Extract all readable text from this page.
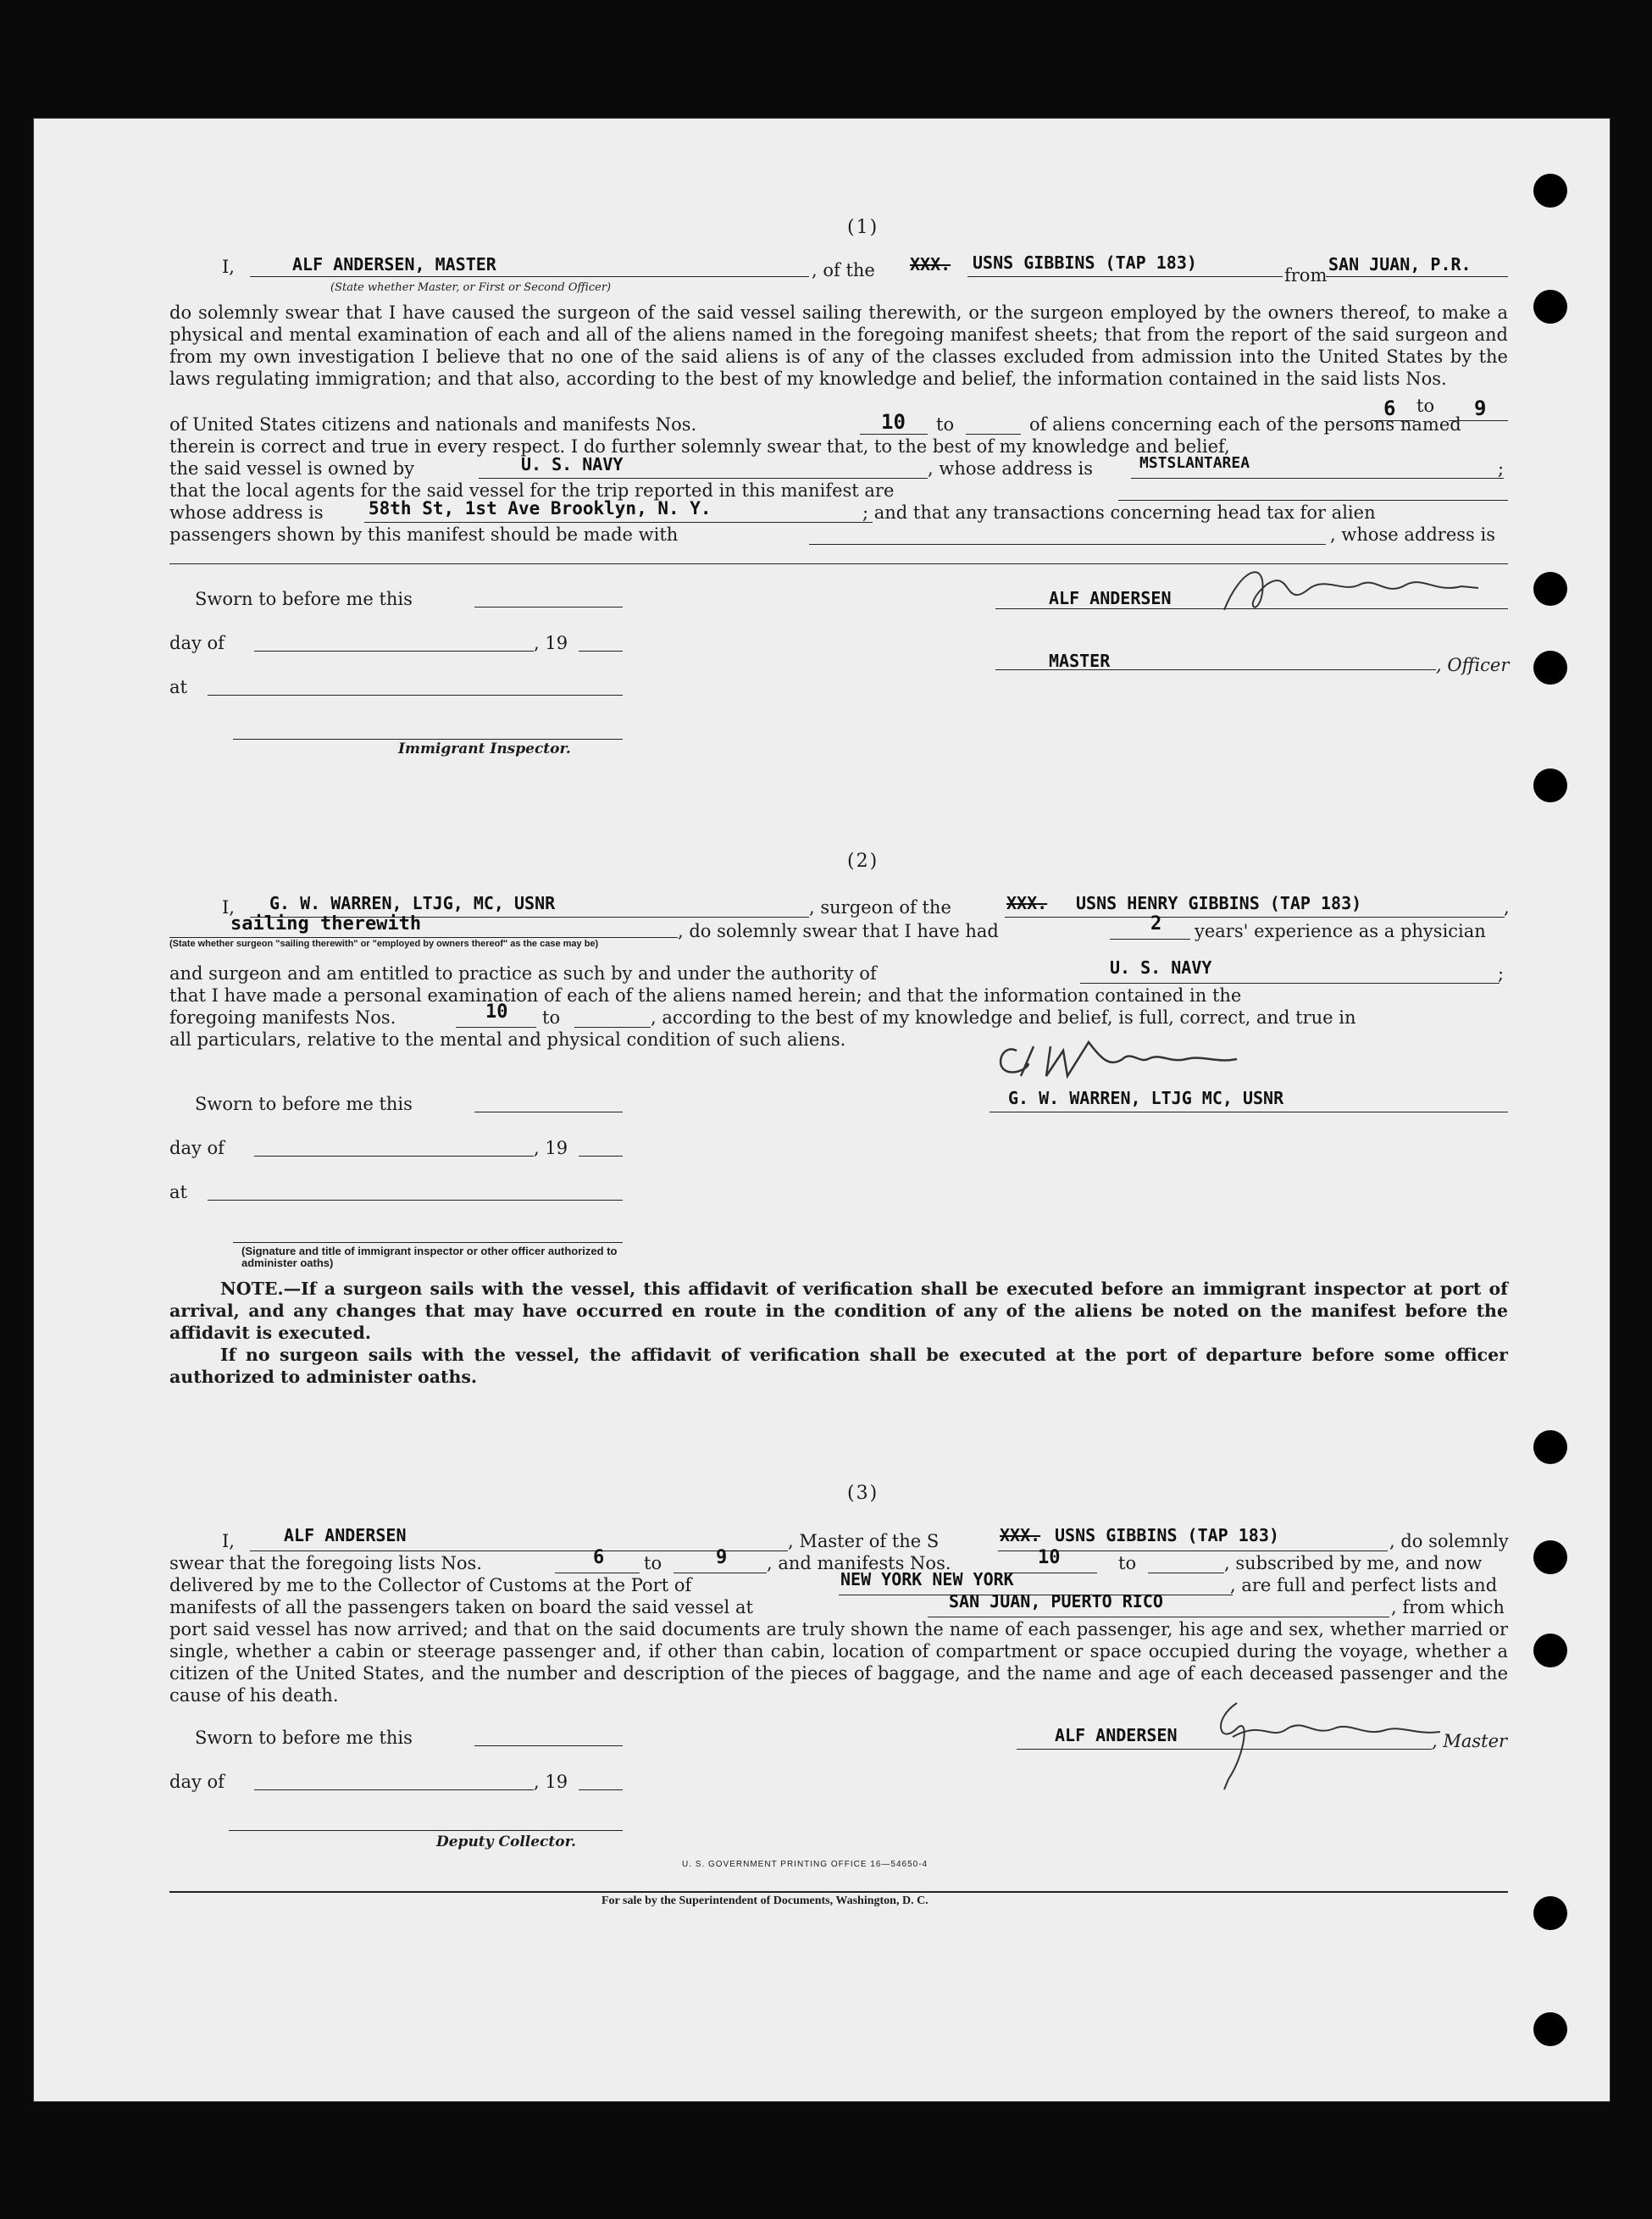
(1)
I,	ALF ANDERSEN, MASTER	, of the XXX. USNS GIBBINS (TAP 183)
from
SAN JUAN, P.R.
(State whether Master, or First or Second Officer)
do solemnly swear that I have caused the surgeon of the said vessel sailing therewith, or the surgeon employed by the owners thereof, to make a physical and mental examination of each and all of the aliens named in the foregoing manifest sheets; that from the report of the said surgeon and from my own investigation I believe that no one of the said aliens is of any of the classes excluded from admission into the United States by the laws regulating immigration; and that also, according to the best of my knowledge and belief, the information contained in the said lists Nos.
6 to 9
of United States citizens and nationals and manifests Nos.	10 to	of aliens concerning each of the persons named
therein is correct and true in every respect. I do further solemnly swear that, to the best of my knowledge and belief,
the said vessel is owned by	U. S. NAVY	, whose address is	MSTSLANTAREA	;
that the local agents for the said vessel for the trip reported in this manifest are
whose address is	58th St, 1st Ave Brooklyn, N. Y.	; and that any transactions concerning head tax for alien
passengers shown by this manifest should be made with	, whose address is
Sworn to before me this
day of	, 19
at
Immigrant Inspector.
ALF ANDERSEN
MASTER	, Officer
(2)
I, G. W. WARREN, LTJG, MC, USNR	, surgeon of the	XXX. USNS HENRY GIBBINS (TAP 183)	,
sailing therewith	, do solemnly swear that I have had	2 years' experience as a physician
(State whether surgeon "sailing therewith" or "employed by owners thereof" as the case may be)
and surgeon and am entitled to practice as such by and under the authority of	U. S. NAVY	;
that I have made a personal examination of each of the aliens named herein; and that the information contained in the
foregoing manifests Nos.	10 to	, according to the best of my knowledge and belief, is full, correct, and true in
all particulars, relative to the mental and physical condition of such aliens.
G. W. WARREN, LTJG MC, USNR
Sworn to before me this
day of	, 19
at
(Signature and title of immigrant inspector or other officer authorized to administer oaths)
NOTE.—If a surgeon sails with the vessel, this affidavit of verification shall be executed before an immigrant inspector at port of arrival, and any changes that may have occurred en route in the condition of any of the aliens be noted on the manifest before the affidavit is executed.
If no surgeon sails with the vessel, the affidavit of verification shall be executed at the port of departure before some officer authorized to administer oaths.
(3)
I,	ALF ANDERSEN	, Master of the S	XXX. USNS GIBBINS (TAP 183)	, do solemnly
swear that the foregoing lists Nos.	6 to	9 , and manifests Nos.	10	to	, subscribed by me, and now
delivered by me to the Collector of Customs at the Port of	NEW YORK NEW YORK	, are full and perfect lists and
manifests of all the passengers taken on board the said vessel at	SAN JUAN, PUERTO RICO	, from which
port said vessel has now arrived; and that on the said documents are truly shown the name of each passenger, his age and sex, whether married or single, whether a cabin or steerage passenger and, if other than cabin, location of compartment or space occupied during the voyage, whether a citizen of the United States, and the number and description of the pieces of baggage, and the name and age of each deceased passenger and the cause of his death.
Sworn to before me this
day of	, 19
Deputy Collector.
ALF ANDERSEN	, Master
U. S. GOVERNMENT PRINTING OFFICE 16—54650-4
For sale by the Superintendent of Documents, Washington, D. C.
